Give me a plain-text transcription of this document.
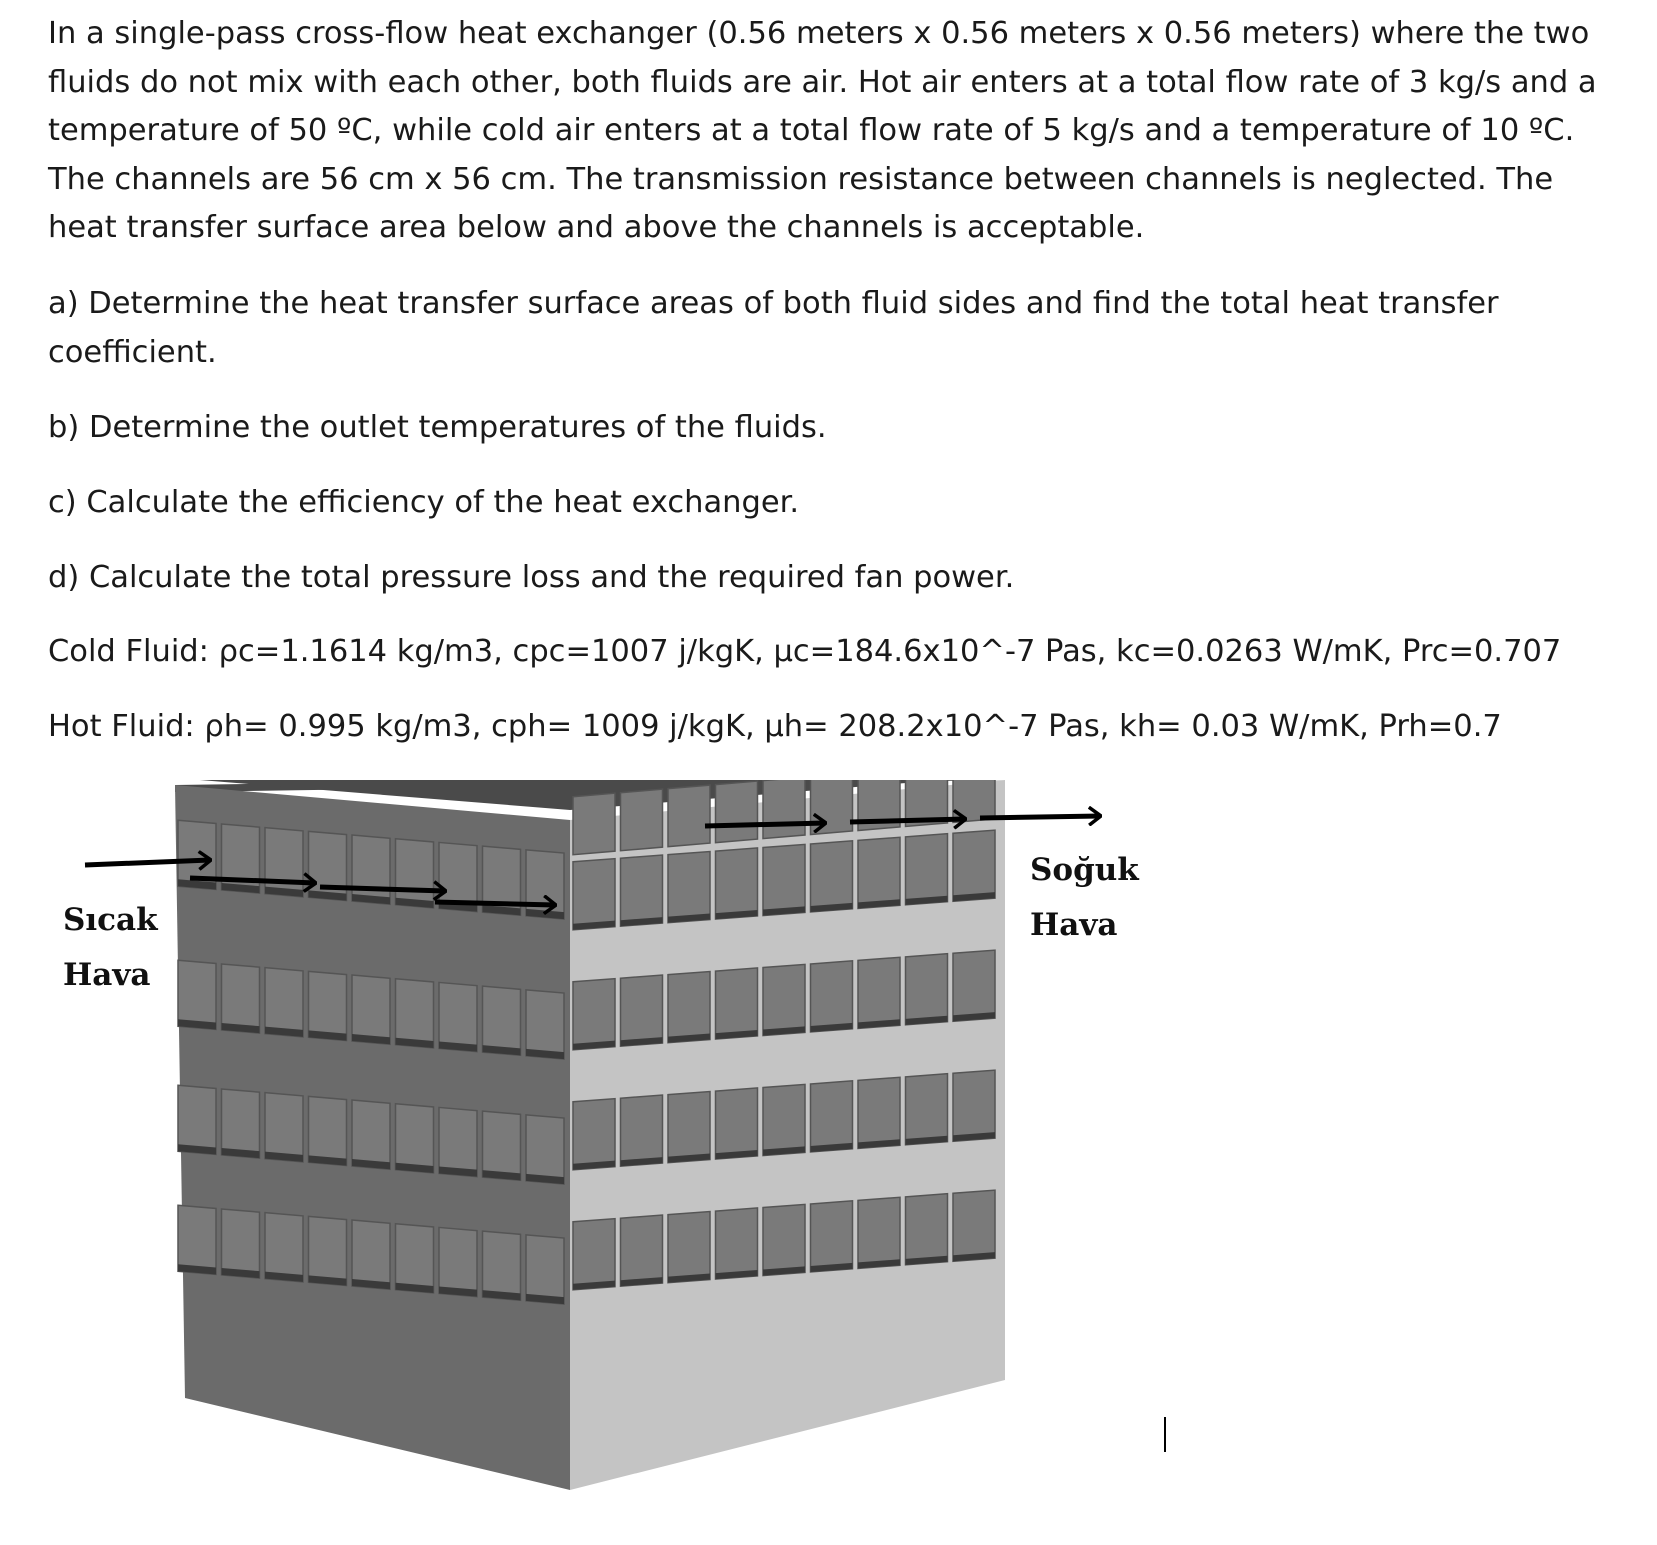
In a single-pass cross-flow heat exchanger (0.56 meters x 0.56 meters x 0.56 meters) where the two fluids do not mix with each other, both fluids are air. Hot air enters at a total flow rate of 3 kg/s and a temperature of 50 ºC, while cold air enters at a total flow rate of 5 kg/s and a temperature of 10 ºC. The channels are 56 cm x 56 cm. The transmission resistance between channels is neglected. The heat transfer surface area below and above the channels is acceptable.

a) Determine the heat transfer surface areas of both fluid sides and find the total heat transfer coefficient.

b) Determine the outlet temperatures of the fluids.

c) Calculate the efficiency of the heat exchanger.

d) Calculate the total pressure loss and the required fan power.

Cold Fluid: ρc=1.1614 kg/m3, cpc=1007 j/kgK, μc=184.6x10^-7 Pas, kc=0.0263 W/mK, Prc=0.707

Hot Fluid: ρh= 0.995 kg/m3, cph= 1009 j/kgK, μh= 208.2x10^-7 Pas, kh= 0.03 W/mK, Prh=0.7

Sıcak
Hava
Soğuk
Hava
